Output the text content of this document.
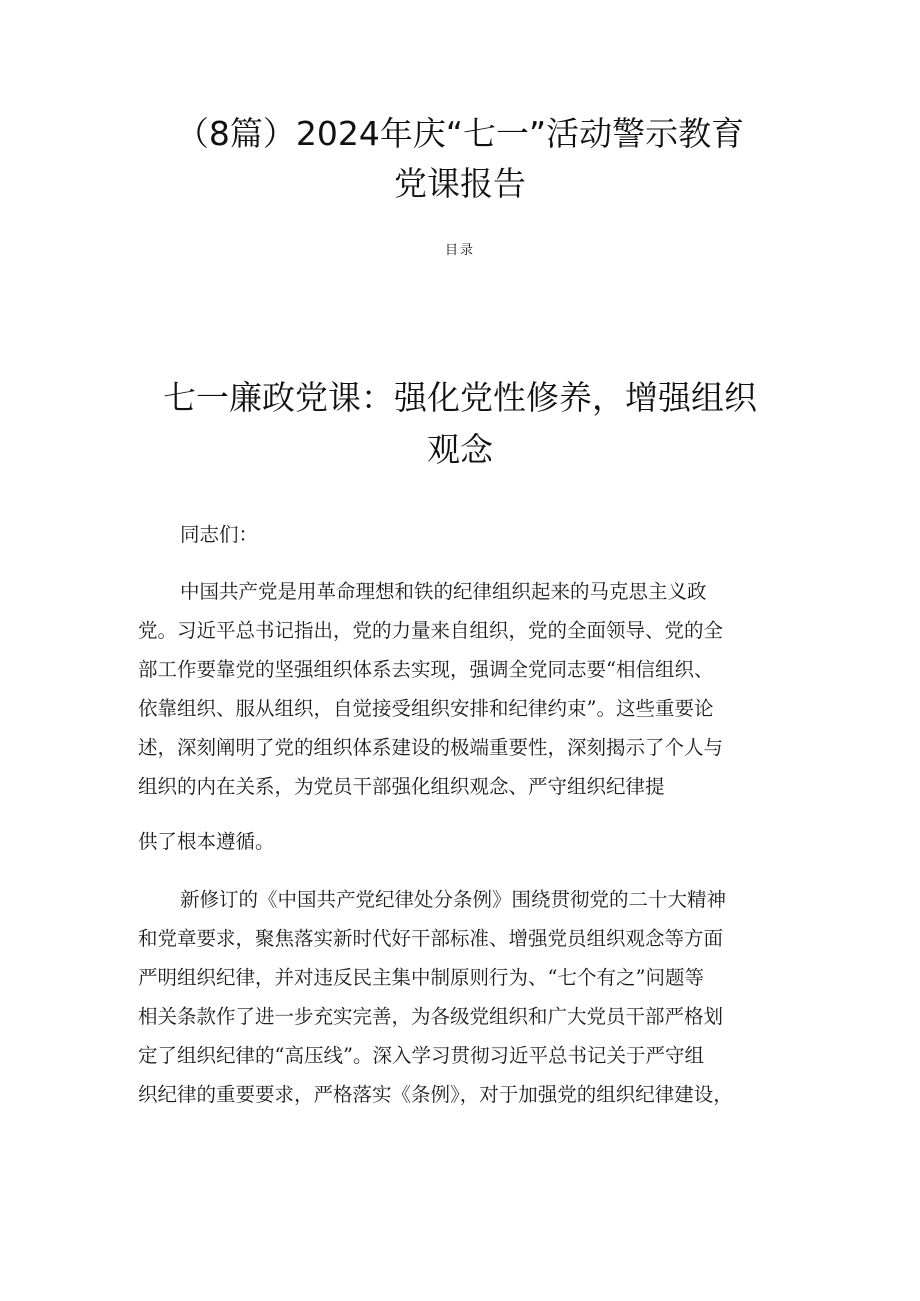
（8篇）2024年庆“七一”活动警示教育
党课报告
目录
七一廉政党课：强化党性修养，增强组织
观念

同志们：

中国共产党是用革命理想和铁的纪律组织起来的马克思主义政

党。习近平总书记指出，党的力量来自组织，党的全面领导、党的全

部工作要靠党的坚强组织体系去实现，强调全党同志要“相信组织、

依靠组织、服从组织，自觉接受组织安排和纪律约束”。这些重要论

述，深刻阐明了党的组织体系建设的极端重要性，深刻揭示了个人与

组织的内在关系，为党员干部强化组织观念、严守组织纪律提

供了根本遵循。

新修订的《中国共产党纪律处分条例》围绕贯彻党的二十大精神

和党章要求，聚焦落实新时代好干部标准、增强党员组织观念等方面

严明组织纪律，并对违反民主集中制原则行为、“七个有之”问题等

相关条款作了进一步充实完善，为各级党组织和广大党员干部严格划

定了组织纪律的“高压线”。深入学习贯彻习近平总书记关于严守组

织纪律的重要要求，严格落实《条例》，对于加强党的组织纪律建设，
